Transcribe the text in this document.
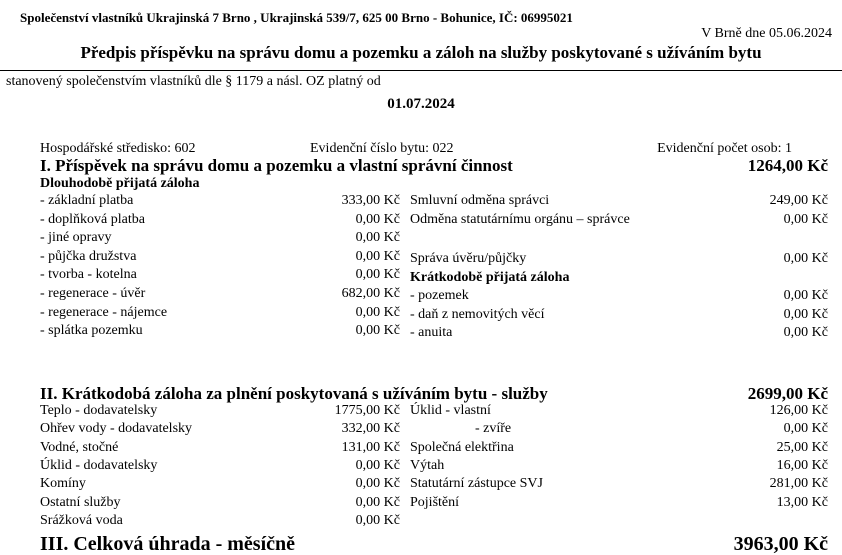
Společenství vlastníků Ukrajinská 7 Brno , Ukrajinská 539/7, 625 00 Brno - Bohunice, IČ: 06995021
V Brně dne 05.06.2024
Předpis příspěvku na správu domu a pozemku a záloh na služby poskytované s užíváním bytu
stanovený společenstvím vlastníků dle § 1179 a násl. OZ platný od
01.07.2024
Hospodářské středisko: 602	Evidenční číslo bytu: 022	Evidenční počet osob: 1
I. Příspěvek na správu domu a pozemku a vlastní správní činnost	1264,00 Kč
Dlouhodobě přijatá záloha
- základní platba	333,00 Kč
- doplňková platba	0,00 Kč
- jiné opravy	0,00 Kč
- půjčka družstva	0,00 Kč
- tvorba - kotelna	0,00 Kč
- regenerace - úvěr	682,00 Kč
- regenerace - nájemce	0,00 Kč
- splátka pozemku	0,00 Kč
Smluvní odměna správci	249,00 Kč
Odměna statutárnímu orgánu – správce	0,00 Kč
Správa úvěru/půjčky	0,00 Kč
Krátkodobě přijatá záloha
- pozemek	0,00 Kč
- daň z nemovitých věcí	0,00 Kč
- anuita	0,00 Kč
II. Krátkodobá záloha za plnění poskytovaná s užíváním bytu - služby	2699,00 Kč
Teplo - dodavatelsky	1775,00 Kč
Ohřev vody - dodavatelsky	332,00 Kč
Vodné, stočné	131,00 Kč
Úklid - dodavatelsky	0,00 Kč
Komíny	0,00 Kč
Ostatní služby	0,00 Kč
Srážková voda	0,00 Kč
Úklid - vlastní	126,00 Kč
- zvíře	0,00 Kč
Společná elektřina	25,00 Kč
Výtah	16,00 Kč
Statutární zástupce SVJ	281,00 Kč
Pojištění	13,00 Kč
III. Celková úhrada - měsíčně	3963,00 Kč
